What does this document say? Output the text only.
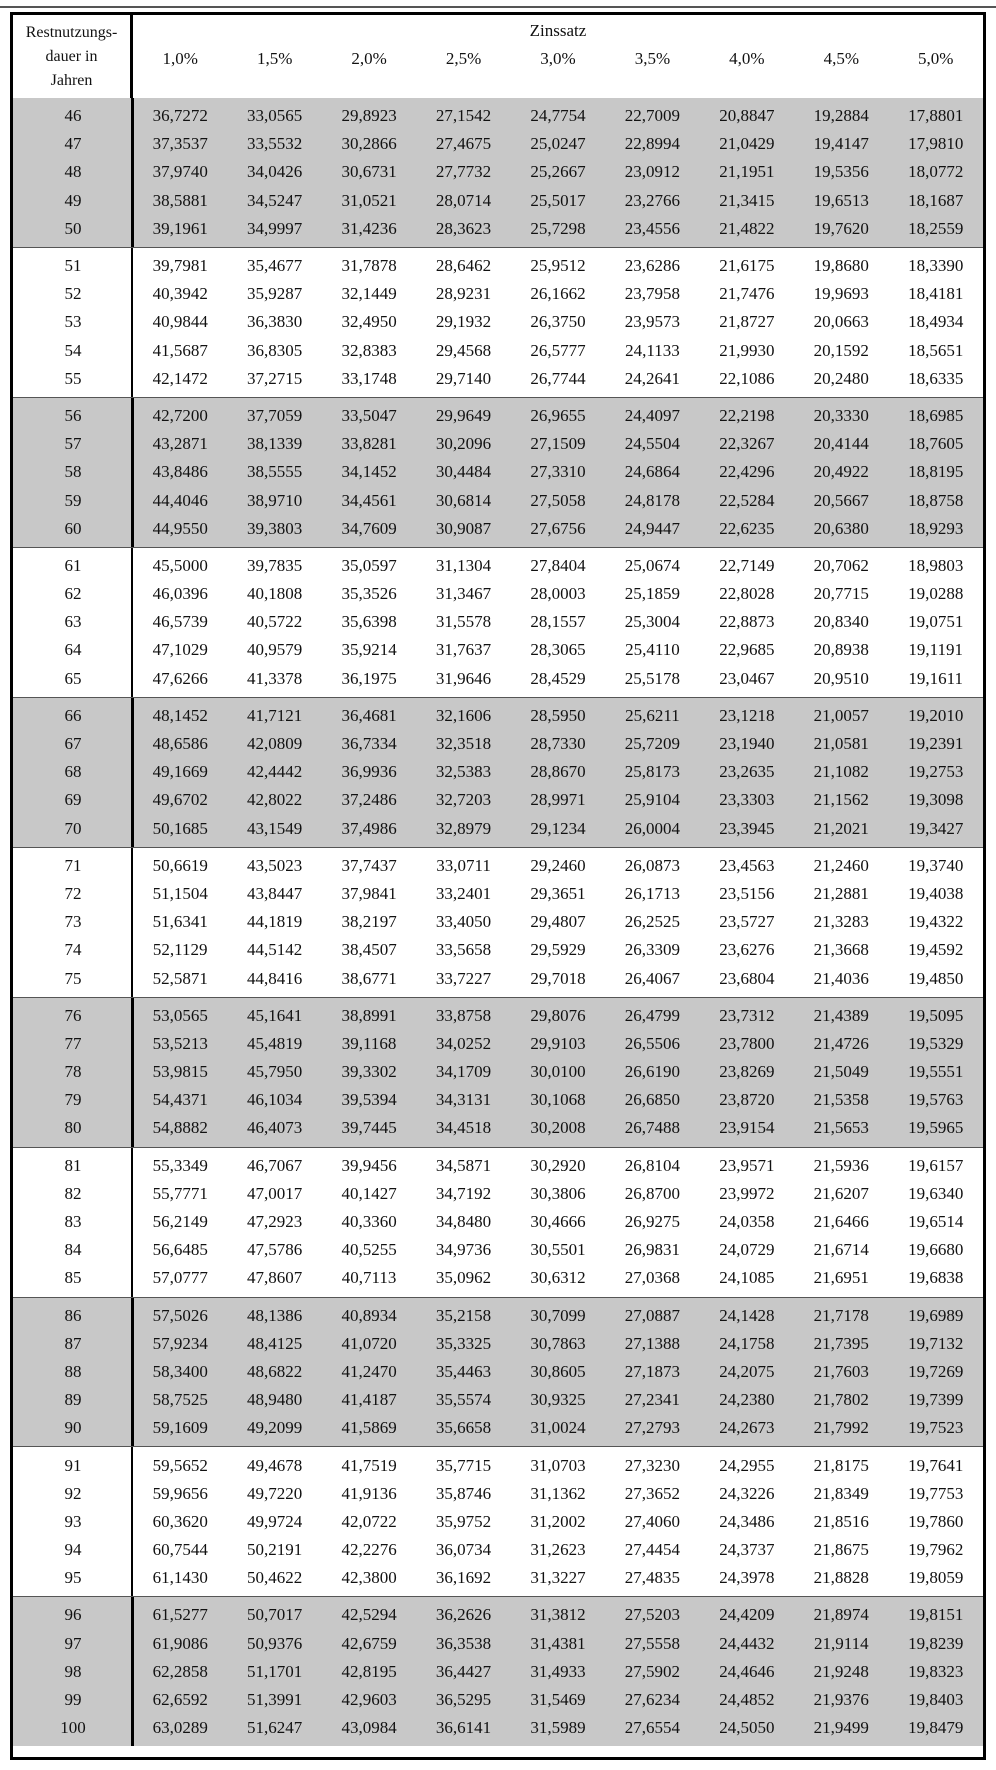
Restnutzungs-
dauer in
Jahren
Zinssatz
1,0%	1,5%	2,0%	2,5%	3,0%	3,5%	4,0%	4,5%	5,0%
46	36,7272	33,0565	29,8923	27,1542	24,7754	22,7009	20,8847	19,2884	17,8801
47	37,3537	33,5532	30,2866	27,4675	25,0247	22,8994	21,0429	19,4147	17,9810
48	37,9740	34,0426	30,6731	27,7732	25,2667	23,0912	21,1951	19,5356	18,0772
49	38,5881	34,5247	31,0521	28,0714	25,5017	23,2766	21,3415	19,6513	18,1687
50	39,1961	34,9997	31,4236	28,3623	25,7298	23,4556	21,4822	19,7620	18,2559
51	39,7981	35,4677	31,7878	28,6462	25,9512	23,6286	21,6175	19,8680	18,3390
52	40,3942	35,9287	32,1449	28,9231	26,1662	23,7958	21,7476	19,9693	18,4181
53	40,9844	36,3830	32,4950	29,1932	26,3750	23,9573	21,8727	20,0663	18,4934
54	41,5687	36,8305	32,8383	29,4568	26,5777	24,1133	21,9930	20,1592	18,5651
55	42,1472	37,2715	33,1748	29,7140	26,7744	24,2641	22,1086	20,2480	18,6335
56	42,7200	37,7059	33,5047	29,9649	26,9655	24,4097	22,2198	20,3330	18,6985
57	43,2871	38,1339	33,8281	30,2096	27,1509	24,5504	22,3267	20,4144	18,7605
58	43,8486	38,5555	34,1452	30,4484	27,3310	24,6864	22,4296	20,4922	18,8195
59	44,4046	38,9710	34,4561	30,6814	27,5058	24,8178	22,5284	20,5667	18,8758
60	44,9550	39,3803	34,7609	30,9087	27,6756	24,9447	22,6235	20,6380	18,9293
61	45,5000	39,7835	35,0597	31,1304	27,8404	25,0674	22,7149	20,7062	18,9803
62	46,0396	40,1808	35,3526	31,3467	28,0003	25,1859	22,8028	20,7715	19,0288
63	46,5739	40,5722	35,6398	31,5578	28,1557	25,3004	22,8873	20,8340	19,0751
64	47,1029	40,9579	35,9214	31,7637	28,3065	25,4110	22,9685	20,8938	19,1191
65	47,6266	41,3378	36,1975	31,9646	28,4529	25,5178	23,0467	20,9510	19,1611
66	48,1452	41,7121	36,4681	32,1606	28,5950	25,6211	23,1218	21,0057	19,2010
67	48,6586	42,0809	36,7334	32,3518	28,7330	25,7209	23,1940	21,0581	19,2391
68	49,1669	42,4442	36,9936	32,5383	28,8670	25,8173	23,2635	21,1082	19,2753
69	49,6702	42,8022	37,2486	32,7203	28,9971	25,9104	23,3303	21,1562	19,3098
70	50,1685	43,1549	37,4986	32,8979	29,1234	26,0004	23,3945	21,2021	19,3427
71	50,6619	43,5023	37,7437	33,0711	29,2460	26,0873	23,4563	21,2460	19,3740
72	51,1504	43,8447	37,9841	33,2401	29,3651	26,1713	23,5156	21,2881	19,4038
73	51,6341	44,1819	38,2197	33,4050	29,4807	26,2525	23,5727	21,3283	19,4322
74	52,1129	44,5142	38,4507	33,5658	29,5929	26,3309	23,6276	21,3668	19,4592
75	52,5871	44,8416	38,6771	33,7227	29,7018	26,4067	23,6804	21,4036	19,4850
76	53,0565	45,1641	38,8991	33,8758	29,8076	26,4799	23,7312	21,4389	19,5095
77	53,5213	45,4819	39,1168	34,0252	29,9103	26,5506	23,7800	21,4726	19,5329
78	53,9815	45,7950	39,3302	34,1709	30,0100	26,6190	23,8269	21,5049	19,5551
79	54,4371	46,1034	39,5394	34,3131	30,1068	26,6850	23,8720	21,5358	19,5763
80	54,8882	46,4073	39,7445	34,4518	30,2008	26,7488	23,9154	21,5653	19,5965
81	55,3349	46,7067	39,9456	34,5871	30,2920	26,8104	23,9571	21,5936	19,6157
82	55,7771	47,0017	40,1427	34,7192	30,3806	26,8700	23,9972	21,6207	19,6340
83	56,2149	47,2923	40,3360	34,8480	30,4666	26,9275	24,0358	21,6466	19,6514
84	56,6485	47,5786	40,5255	34,9736	30,5501	26,9831	24,0729	21,6714	19,6680
85	57,0777	47,8607	40,7113	35,0962	30,6312	27,0368	24,1085	21,6951	19,6838
86	57,5026	48,1386	40,8934	35,2158	30,7099	27,0887	24,1428	21,7178	19,6989
87	57,9234	48,4125	41,0720	35,3325	30,7863	27,1388	24,1758	21,7395	19,7132
88	58,3400	48,6822	41,2470	35,4463	30,8605	27,1873	24,2075	21,7603	19,7269
89	58,7525	48,9480	41,4187	35,5574	30,9325	27,2341	24,2380	21,7802	19,7399
90	59,1609	49,2099	41,5869	35,6658	31,0024	27,2793	24,2673	21,7992	19,7523
91	59,5652	49,4678	41,7519	35,7715	31,0703	27,3230	24,2955	21,8175	19,7641
92	59,9656	49,7220	41,9136	35,8746	31,1362	27,3652	24,3226	21,8349	19,7753
93	60,3620	49,9724	42,0722	35,9752	31,2002	27,4060	24,3486	21,8516	19,7860
94	60,7544	50,2191	42,2276	36,0734	31,2623	27,4454	24,3737	21,8675	19,7962
95	61,1430	50,4622	42,3800	36,1692	31,3227	27,4835	24,3978	21,8828	19,8059
96	61,5277	50,7017	42,5294	36,2626	31,3812	27,5203	24,4209	21,8974	19,8151
97	61,9086	50,9376	42,6759	36,3538	31,4381	27,5558	24,4432	21,9114	19,8239
98	62,2858	51,1701	42,8195	36,4427	31,4933	27,5902	24,4646	21,9248	19,8323
99	62,6592	51,3991	42,9603	36,5295	31,5469	27,6234	24,4852	21,9376	19,8403
100	63,0289	51,6247	43,0984	36,6141	31,5989	27,6554	24,5050	21,9499	19,8479
